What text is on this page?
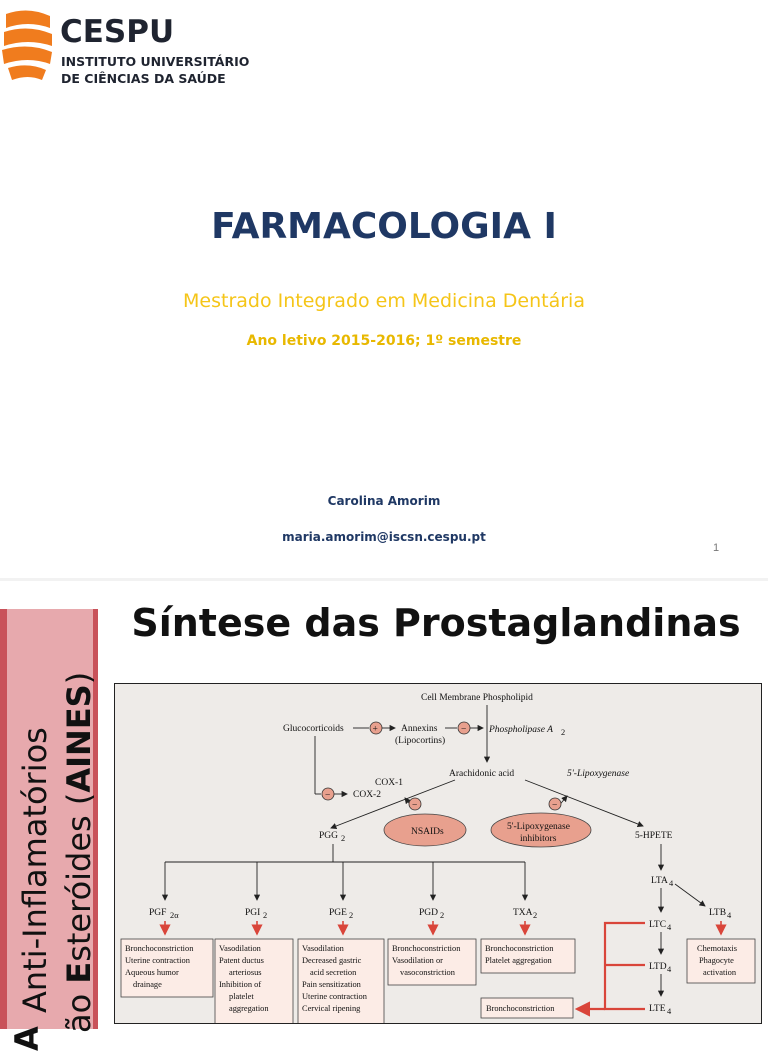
CESPU
INSTITUTO UNIVERSITÁRIO
DE CIÊNCIAS DA SAÚDE
FARMACOLOGIA I
Mestrado Integrado em Medicina Dentária
Ano letivo 2015-2016; 1º semestre
Carolina Amorim
maria.amorim@iscsn.cespu.pt
1
Anti-Inflamatórios ão Esteróides (AINES)
A
Síntese das Prostaglandinas
Cell Membrane Phospholipid
Glucocorticoids	+ Annexins
(Lipocortins)
− Phospholipase A 2
−
Arachidonic acid	5'-Lipoxygenase
COX-1
COX-2
−
NSAIDs
−
5'-Lipoxygenase
inhibitors
PGG 2
PGF 2α	PGI 2	PGE 2	PGD 2	TXA 2
Bronchoconstriction
Uterine contraction
Aqueous humor
drainage
Vasodilation
Patent ductus
arteriosus
Inhibition of
platelet
aggregation
Vasodilation
Decreased gastric
acid secretion
Pain sensitization
Uterine contraction
Cervical ripening
Bronchoconstriction
Vasodilation or
vasoconstriction
Bronchoconstriction
Platelet aggregation
5-HPETE
LTA 4
LTB 4
Chemotaxis
Phagocyte
activation
LTC 4
LTD 4
LTE 4
Bronchoconstriction
